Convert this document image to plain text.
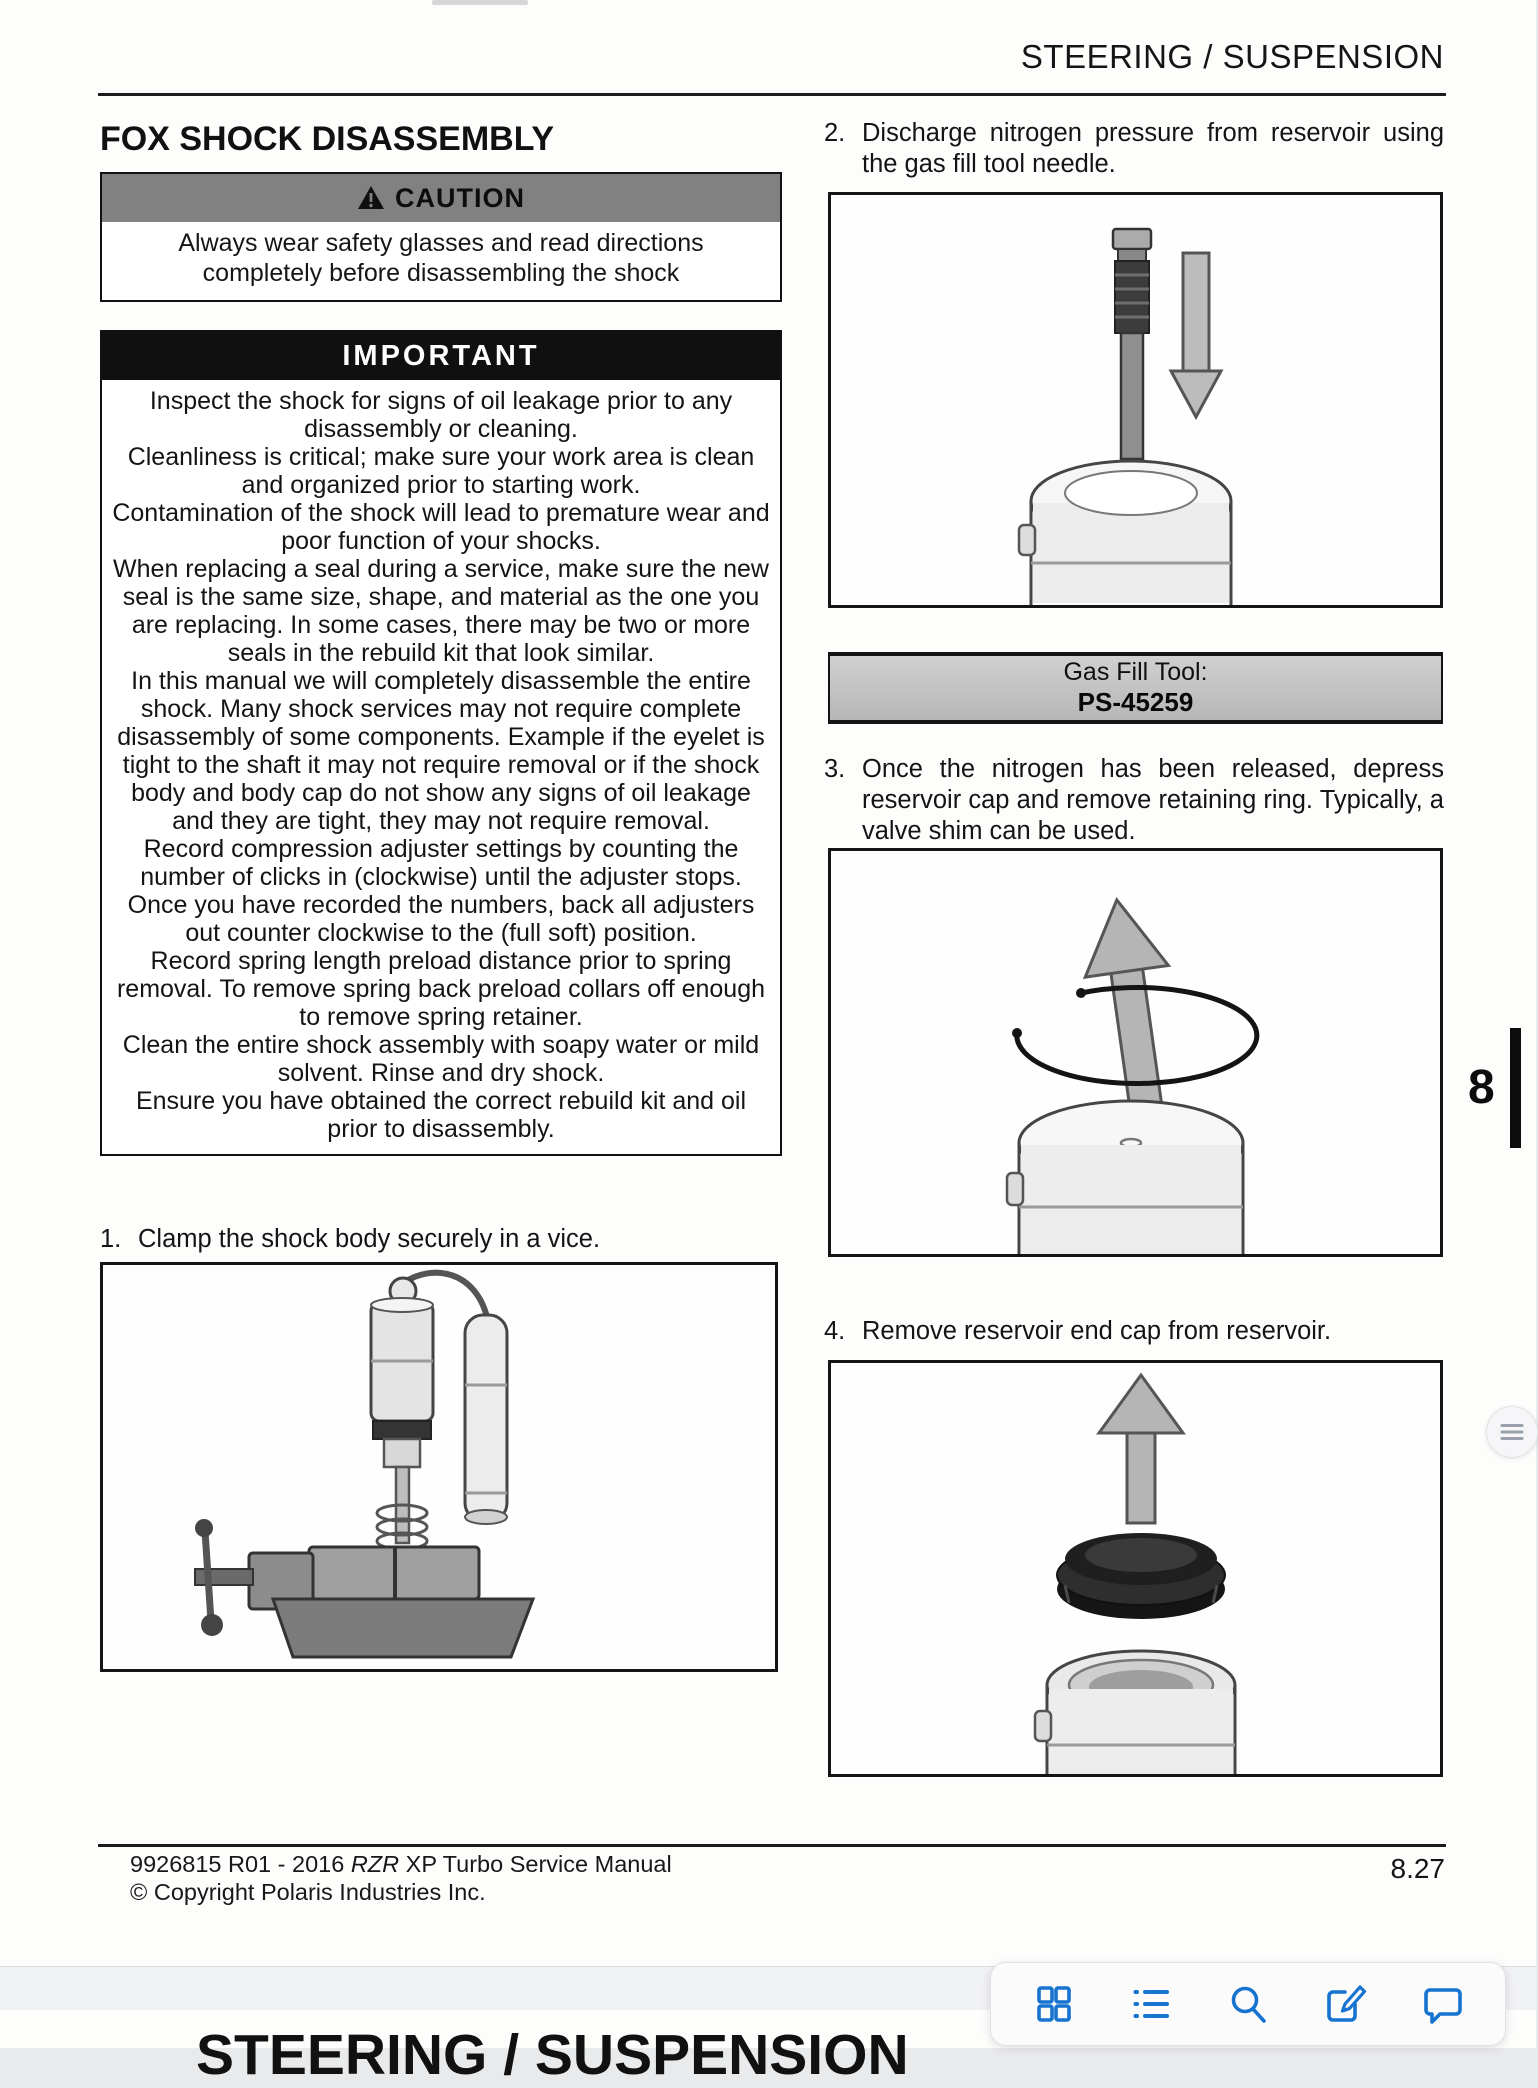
STEERING / SUSPENSION
FOX SHOCK DISASSEMBLY
CAUTION
Always wear safety glasses and read directions completely before disassembling the shock
IMPORTANT

Inspect the shock for signs of oil leakage prior to any disassembly or cleaning.

Cleanliness is critical; make sure your work area is clean and organized prior to starting work.

Contamination of the shock will lead to premature wear and poor function of your shocks.

When replacing a seal during a service, make sure the new seal is the same size, shape, and material as the one you are replacing. In some cases, there may be two or more seals in the rebuild kit that look similar.

In this manual we will completely disassemble the entire shock. Many shock services may not require complete disassembly of some components. Example if the eyelet is tight to the shaft it may not require removal or if the shock body and body cap do not show any signs of oil leakage and they are tight, they may not require removal.

Record compression adjuster settings by counting the number of clicks in (clockwise) until the adjuster stops. Once you have recorded the numbers, back all adjusters out counter clockwise to the (full soft) position.

Record spring length preload distance prior to spring removal. To remove spring back preload collars off enough to remove spring retainer.

Clean the entire shock assembly with soapy water or mild solvent. Rinse and dry shock.

Ensure you have obtained the correct rebuild kit and oil prior to disassembly.

1. Clamp the shock body securely in a vice.
2. Discharge nitrogen pressure from reservoir using the gas fill tool needle.
Gas Fill Tool:
PS-45259
3. Once the nitrogen has been released, depress reservoir cap and remove retaining ring. Typically, a valve shim can be used.
4. Remove reservoir end cap from reservoir.
8
9926815 R01 - 2016 RZR XP Turbo Service Manual
© Copyright Polaris Industries Inc.
8.27
STEERING / SUSPENSION
